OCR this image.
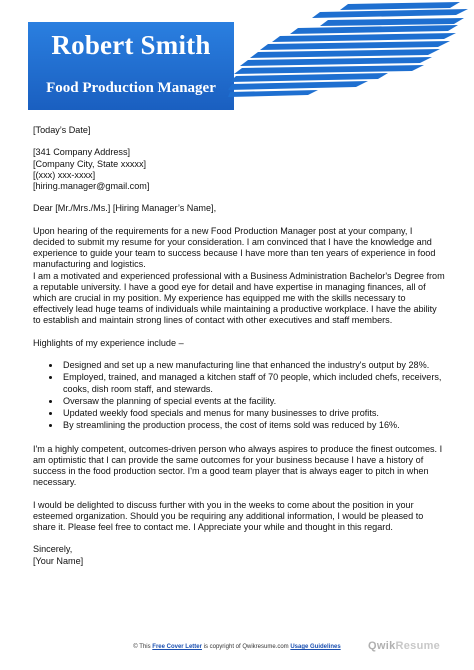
Robert Smith
Food Production Manager

[Today’s Date]

[341 Company Address]

[Company City, State xxxxx]

[(xxx) xxx-xxxx]

[hiring.manager@gmail.com]

Dear [Mr./Mrs./Ms.] [Hiring Manager’s Name],

Upon hearing of the requirements for a new Food Production Manager post at your company, I decided to submit my resume for your consideration. I am convinced that I have the knowledge and experience to guide your team to success because I have more than ten years of experience in food manufacturing and logistics.

I am a motivated and experienced professional with a Business Administration Bachelor's Degree from a reputable university. I have a good eye for detail and have expertise in managing finances, all of which are crucial in my position. My experience has equipped me with the skills necessary to effectively lead huge teams of individuals while maintaining a productive workplace. I have the ability to establish and maintain strong lines of contact with other executives and staff members.

Highlights of my experience include –

• Designed and set up a new manufacturing line that enhanced the industry's output by 28%.
• Employed, trained, and managed a kitchen staff of 70 people, which included chefs, receivers, cooks, dish room staff, and stewards.
• Oversaw the planning of special events at the facility.
• Updated weekly food specials and menus for many businesses to drive profits.
• By streamlining the production process, the cost of items sold was reduced by 16%.

I'm a highly competent, outcomes-driven person who always aspires to produce the finest outcomes. I am optimistic that I can provide the same outcomes for your business because I have a history of success in the food production sector. I'm a good team player that is always eager to pitch in when necessary.

I would be delighted to discuss further with you in the weeks to come about the position in your esteemed organization. Should you be requiring any additional information, I would be pleased to share it. Please feel free to contact me. I Appreciate your while and thought in this regard.

Sincerely,

[Your Name]

© This Free Cover Letter is copyright of Qwikresume.com Usage Guidelines	QwikResume
